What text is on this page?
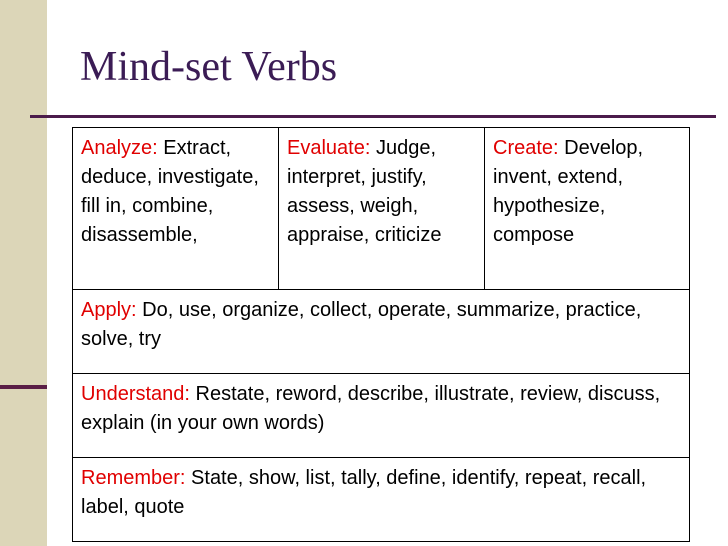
Mind-set Verbs
Analyze: Extract, deduce, investigate, fill in, combine, disassemble,	Evaluate: Judge, interpret, justify, assess, weigh, appraise, criticize	Create: Develop, invent, extend, hypothesize, compose
Apply: Do, use, organize, collect, operate, summarize, practice, solve, try
Understand: Restate, reword, describe, illustrate, review, discuss, explain (in your own words)
Remember: State, show, list, tally, define, identify, repeat, recall, label, quote
